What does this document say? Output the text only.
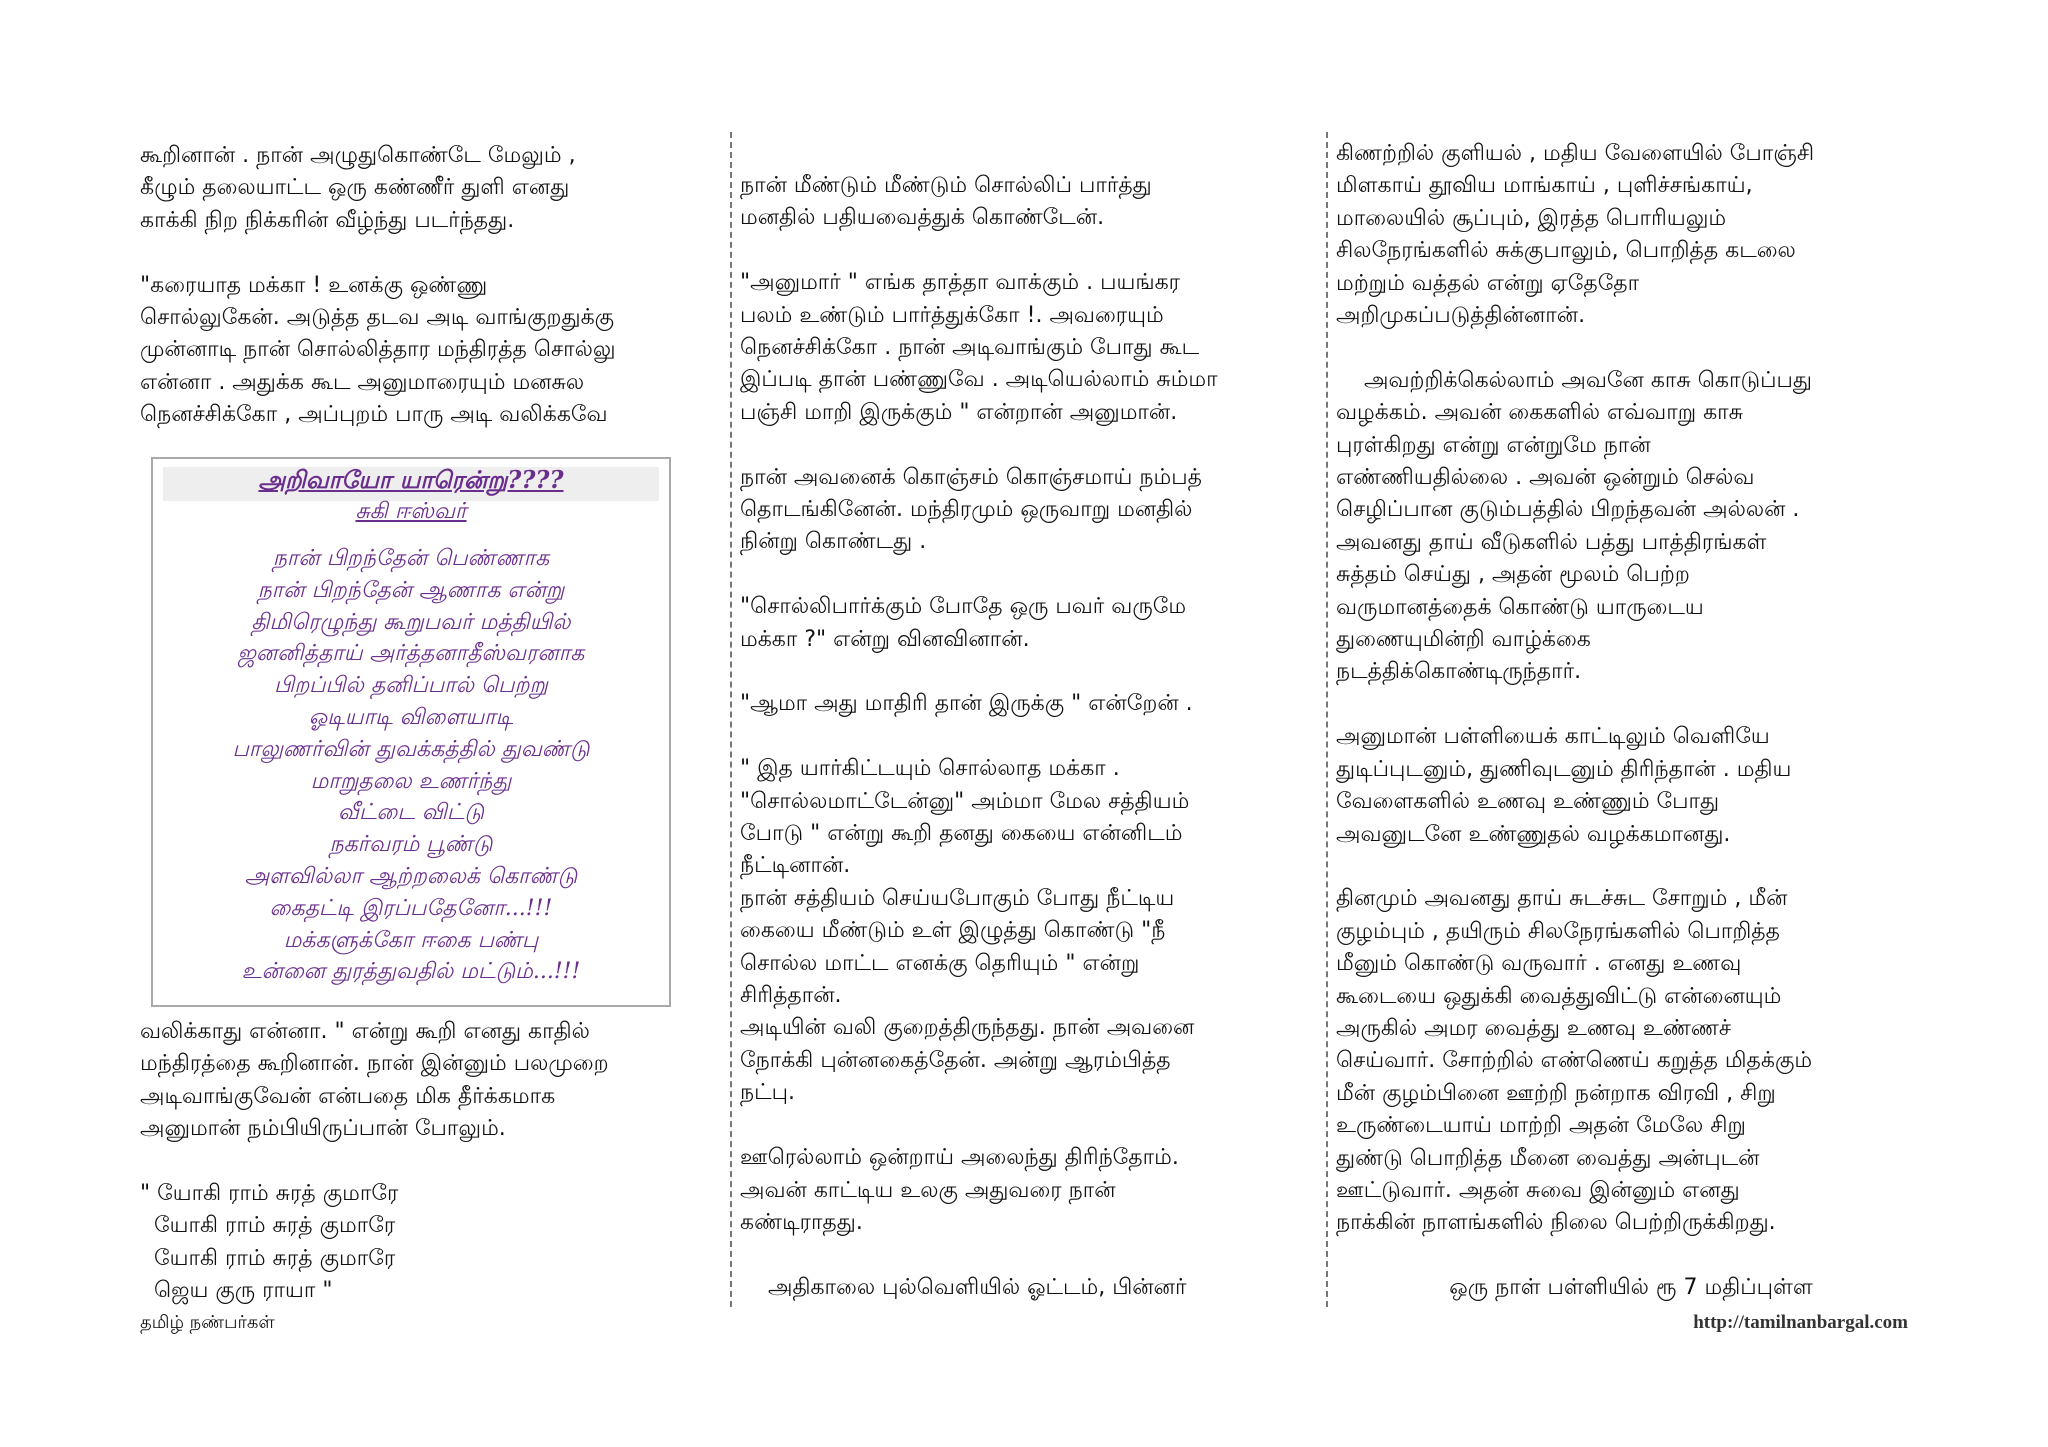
கூறினான் . நான் அழுதுகொண்டே மேலும் ,

கீழும் தலையாட்ட ஒரு கண்ணீர் துளி எனது

காக்கி நிற நிக்கரின் வீழ்ந்து படர்ந்தது.

"கரையாத மக்கா ! உனக்கு ஒண்ணு

சொல்லுகேன். அடுத்த தடவ அடி வாங்குறதுக்கு

முன்னாடி நான் சொல்லித்தார மந்திரத்த சொல்லு

என்னா . அதுக்க கூட அனுமாரையும் மனசுல

நெனச்சிக்கோ , அப்புறம் பாரு அடி வலிக்கவே

வலிக்காது என்னா. " என்று கூறி எனது காதில்

மந்திரத்தை கூறினான். நான் இன்னும் பலமுறை

அடிவாங்குவேன் என்பதை மிக தீர்க்கமாக

அனுமான் நம்பியிருப்பான் போலும்.

" யோகி ராம் சுரத் குமாரே

யோகி ராம் சுரத் குமாரே

யோகி ராம் சுரத் குமாரே

ஜெய குரு ராயா "

அறிவாயோ யாரென்று????
சுகி ஈஸ்வர்
நான் பிறந்தேன் பெண்ணாக
நான் பிறந்தேன் ஆணாக என்று
திமிரெழுந்து கூறுபவர் மத்தியில்
ஜனனித்தாய் அர்த்தனாதீஸ்வரனாக
பிறப்பில் தனிப்பால் பெற்று
ஓடியாடி விளையாடி
பாலுணர்வின் துவக்கத்தில் துவண்டு
மாறுதலை உணர்ந்து
வீட்டை விட்டு
நகர்வரம் பூண்டு
அளவில்லா ஆற்றலைக் கொண்டு
கைதட்டி இரப்பதேனோ...!!!
மக்களுக்கோ ஈகை பண்பு
உன்னை துரத்துவதில் மட்டும்...!!!

நான் மீண்டும் மீண்டும் சொல்லிப் பார்த்து

மனதில் பதியவைத்துக் கொண்டேன்.

"அனுமார் " எங்க தாத்தா வாக்கும் . பயங்கர

பலம் உண்டும் பார்த்துக்கோ !. அவரையும்

நெனச்சிக்கோ . நான் அடிவாங்கும் போது கூட

இப்படி தான் பண்ணுவே . அடியெல்லாம் சும்மா

பஞ்சி மாறி இருக்கும் " என்றான் அனுமான்.

நான் அவனைக் கொஞ்சம் கொஞ்சமாய் நம்பத்

தொடங்கினேன். மந்திரமும் ஒருவாறு மனதில்

நின்று கொண்டது .

"சொல்லிபார்க்கும் போதே ஒரு பவர் வருமே

மக்கா ?" என்று வினவினான்.

"ஆமா அது மாதிரி தான் இருக்கு " என்றேன் .

" இத யார்கிட்டயும் சொல்லாத மக்கா .

"சொல்லமாட்டேன்னு" அம்மா மேல சத்தியம்

போடு " என்று கூறி தனது கையை என்னிடம்

நீட்டினான்.

நான் சத்தியம் செய்யபோகும் போது நீட்டிய

கையை மீண்டும் உள் இழுத்து கொண்டு "நீ

சொல்ல மாட்ட எனக்கு தெரியும் " என்று

சிரித்தான்.

அடியின் வலி குறைத்திருந்தது. நான் அவனை

நோக்கி புன்னகைத்தேன். அன்று ஆரம்பித்த

நட்பு.

ஊரெல்லாம் ஒன்றாய் அலைந்து திரிந்தோம்.

அவன் காட்டிய உலகு அதுவரை நான்

கண்டிராதது.

அதிகாலை புல்வெளியில் ஓட்டம், பின்னர்

கிணற்றில் குளியல் , மதிய வேளையில் போஞ்சி

மிளகாய் தூவிய மாங்காய் , புளிச்சங்காய்,

மாலையில் சூப்பும், இரத்த பொரியலும்

சிலநேரங்களில் சுக்குபாலும், பொறித்த கடலை

மற்றும் வத்தல் என்று ஏதேதோ

அறிமுகப்படுத்தின்னான்.

அவற்றிக்கெல்லாம் அவனே காசு கொடுப்பது

வழக்கம். அவன் கைகளில் எவ்வாறு காசு

புரள்கிறது என்று என்றுமே நான்

எண்ணியதில்லை . அவன் ஒன்றும் செல்வ

செழிப்பான குடும்பத்தில் பிறந்தவன் அல்லன் .

அவனது தாய் வீடுகளில் பத்து பாத்திரங்கள்

சுத்தம் செய்து , அதன் மூலம் பெற்ற

வருமானத்தைக் கொண்டு யாருடைய

துணையுமின்றி வாழ்க்கை

நடத்திக்கொண்டிருந்தார்.

அனுமான் பள்ளியைக் காட்டிலும் வெளியே

துடிப்புடனும், துணிவுடனும் திரிந்தான் . மதிய

வேளைகளில் உணவு உண்ணும் போது

அவனுடனே உண்ணுதல் வழக்கமானது.

தினமும் அவனது தாய் சுடச்சுட சோறும் , மீன்

குழம்பும் , தயிரும் சிலநேரங்களில் பொறித்த

மீனும் கொண்டு வருவார் . எனது உணவு

கூடையை ஒதுக்கி வைத்துவிட்டு என்னையும்

அருகில் அமர வைத்து உணவு உண்ணச்

செய்வார். சோற்றில் எண்ணெய் கறுத்த மிதக்கும்

மீன் குழம்பினை ஊற்றி நன்றாக விரவி , சிறு

உருண்டையாய் மாற்றி அதன் மேலே சிறு

துண்டு பொறித்த மீனை வைத்து அன்புடன்

ஊட்டுவார். அதன் சுவை இன்னும் எனது

நாக்கின் நாளங்களில் நிலை பெற்றிருக்கிறது.

ஒரு நாள் பள்ளியில் ரூ 7 மதிப்புள்ள

தமிழ் நண்பர்கள்	http://tamilnanbargal.com
